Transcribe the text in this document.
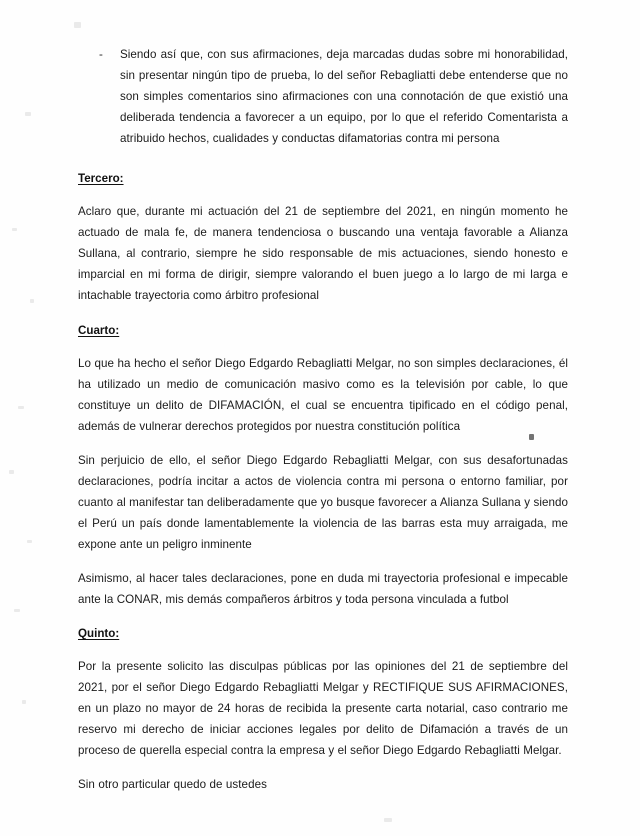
- Siendo así que, con sus afirmaciones, deja marcadas dudas sobre mi honorabilidad, sin presentar ningún tipo de prueba, lo del señor Rebagliatti debe entenderse que no son simples comentarios sino afirmaciones con una connotación de que existió una deliberada tendencia a favorecer a un equipo, por lo que el referido Comentarista a atribuido hechos, cualidades y conductas difamatorias contra mi persona

Tercero:

Aclaro que, durante mi actuación del 21 de septiembre del 2021, en ningún momento he actuado de mala fe, de manera tendenciosa o buscando una ventaja favorable a Alianza Sullana, al contrario, siempre he sido responsable de mis actuaciones, siendo honesto e imparcial en mi forma de dirigir, siempre valorando el buen juego a lo largo de mi larga e intachable trayectoria como árbitro profesional

Cuarto:

Lo que ha hecho el señor Diego Edgardo Rebagliatti Melgar, no son simples declaraciones, él ha utilizado un medio de comunicación masivo como es la televisión por cable, lo que constituye un delito de DIFAMACIÓN, el cual se encuentra tipificado en el código penal, además de vulnerar derechos protegidos por nuestra constitución política

Sin perjuicio de ello, el señor Diego Edgardo Rebagliatti Melgar, con sus desafortunadas declaraciones, podría incitar a actos de violencia contra mi persona o entorno familiar, por cuanto al manifestar tan deliberadamente que yo busque favorecer a Alianza Sullana y siendo el Perú un país donde lamentablemente la violencia de las barras esta muy arraigada, me expone ante un peligro inminente

Asimismo, al hacer tales declaraciones, pone en duda mi trayectoria profesional e impecable ante la CONAR, mis demás compañeros árbitros y toda persona vinculada a futbol

Quinto:

Por la presente solicito las disculpas públicas por las opiniones del 21 de septiembre del 2021, por el señor Diego Edgardo Rebagliatti Melgar y RECTIFIQUE SUS AFIRMACIONES, en un plazo no mayor de 24 horas de recibida la presente carta notarial, caso contrario me reservo mi derecho de iniciar acciones legales por delito de Difamación a través de un proceso de querella especial contra la empresa y el señor Diego Edgardo Rebagliatti Melgar.

Sin otro particular quedo de ustedes
